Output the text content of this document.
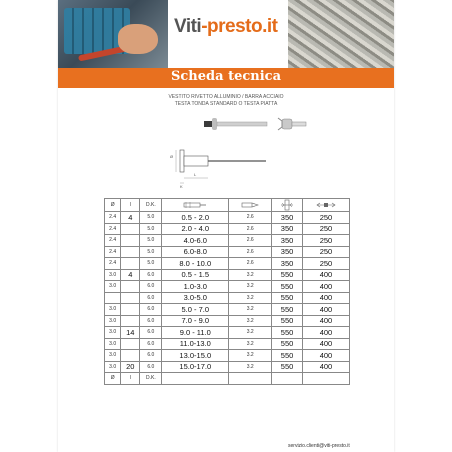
Viti-presto.it
Scheda tecnica
VESTITO RIVETTO ALLUMINIO / BARRA ACCIAIO
TESTA TONDA STANDARD O TESTA PIATTA
Ø
L
K
Ø	l	D.K.				
2.4	4	5.0	0.5 - 2.0	2.6	350	250
2.4		5.0	2.0 - 4.0	2.6	350	250
2.4		5.0	4.0-6.0	2.6	350	250
2.4		5.0	6.0-8.0	2.6	350	250
2.4		5.0	8.0 - 10.0	2.6	350	250
3.0	4	6.0	0.5 - 1.5	3.2	550	400
3.0		6.0	1.0-3.0	3.2	550	400
		6.0	3.0-5.0	3.2	550	400
3.0		6.0	5.0 - 7.0	3.2	550	400
3.0		6.0	7.0 - 9.0	3.2	550	400
3.0	14	6.0	9.0 - 11.0	3.2	550	400
3.0		6.0	11.0-13.0	3.2	550	400
3.0		6.0	13.0-15.0	3.2	550	400
3.0	20	6.0	15.0-17.0	3.2	550	400
Ø	l	D.K.				
servizio.clienti@viti-presto.it
